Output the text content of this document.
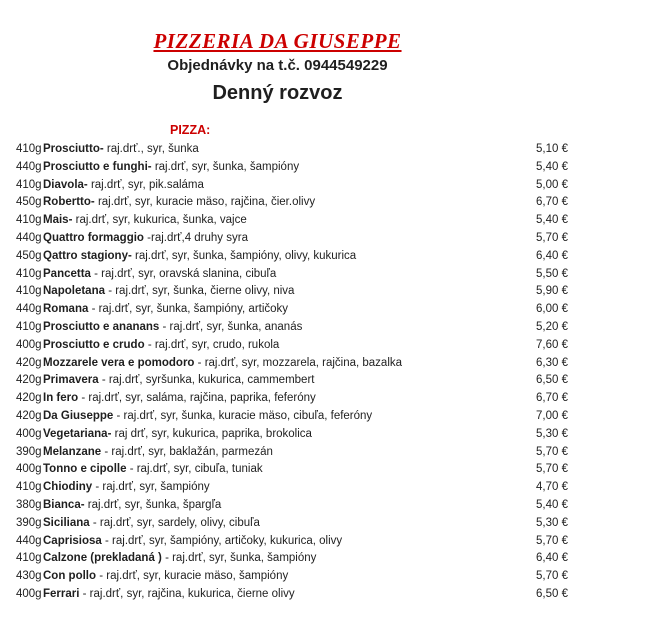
PIZZERIA DA GIUSEPPE
Objednávky na t.č. 0944549229
Denný rozvoz
PIZZA:
410gProsciutto- raj.drť., syr, šunka	5,10 €
440gProsciutto e funghi- raj.drť, syr, šunka, šampióny	5,40 €
410gDiavola- raj.drť, syr, pik.saláma	5,00 €
450gRobertto- raj.drť, syr, kuracie mäso, rajčina, čier.olivy	6,70 €
410gMais- raj.drť, syr, kukurica, šunka, vajce	5,40 €
440gQuattro formaggio -raj.drť,4 druhy syra	5,70 €
450gQattro stagiony- raj.drť, syr, šunka, šampióny, olivy, kukurica	6,40 €
410gPancetta - raj.drť, syr, oravská slanina, cibuľa	5,50 €
410gNapoletana - raj.drť, syr, šunka, čierne olivy, niva	5,90 €
440gRomana - raj.drť, syr, šunka, šampióny, artičoky	6,00 €
410gProsciutto e ananans - raj.drť, syr, šunka, ananás	5,20 €
400gProsciutto e crudo - raj.drť, syr, crudo, rukola	7,60 €
420gMozzarele vera e pomodoro - raj.drť, syr, mozzarela, rajčina, bazalka	6,30 €
420gPrimavera - raj.drť, syršunka, kukurica, cammembert	6,50 €
420gIn fero - raj.drť, syr, saláma, rajčina, paprika, feferóny	6,70 €
420gDa Giuseppe - raj.drť, syr, šunka, kuracie mäso, cibuľa, feferóny	7,00 €
400gVegetariana- raj drť, syr, kukurica, paprika, brokolica	5,30 €
390gMelanzane - raj.drť, syr, baklažán, parmezán	5,70 €
400gTonno e cipolle - raj.drť, syr, cibuľa, tuniak	5,70 €
410gChiodiny - raj.drť, syr, šampióny	4,70 €
380gBianca- raj.drť, syr, šunka, špargľa	5,40 €
390gSiciliana - raj.drť, syr, sardely, olivy, cibuľa	5,30 €
440gCaprisiosa - raj.drť, syr, šampióny, artičoky, kukurica, olivy	5,70 €
410gCalzone (prekladaná ) - raj.drť, syr, šunka, šampióny	6,40 €
430gCon pollo - raj.drť, syr, kuracie mäso, šampióny	5,70 €
400gFerrari - raj.drť, syr, rajčina, kukurica, čierne olivy	6,50 €
